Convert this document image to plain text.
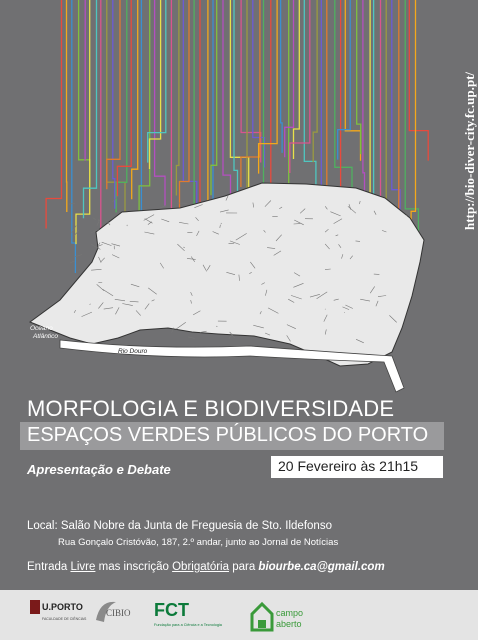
Oceano
Atlântico
Rio Douro
http://bio-diver-city.fc.up.pt/
MORFOLOGIA E BIODIVERSIDADE
ESPAÇOS VERDES PÚBLICOS DO PORTO
Apresentação e Debate	20 Fevereiro às 21h15
Local: Salão Nobre da Junta de Freguesia de Sto. Ildefonso
Rua Gonçalo Cristóvão, 187, 2.º andar, junto ao Jornal de Notícias
Entrada Livre mas inscrição Obrigatória para biourbe.ca@gmail.com
U.PORTO
FACULDADE DE CIÊNCIAS
CIBIO FCT
Fundação para a Ciência e a Tecnologia
campo
aberto
